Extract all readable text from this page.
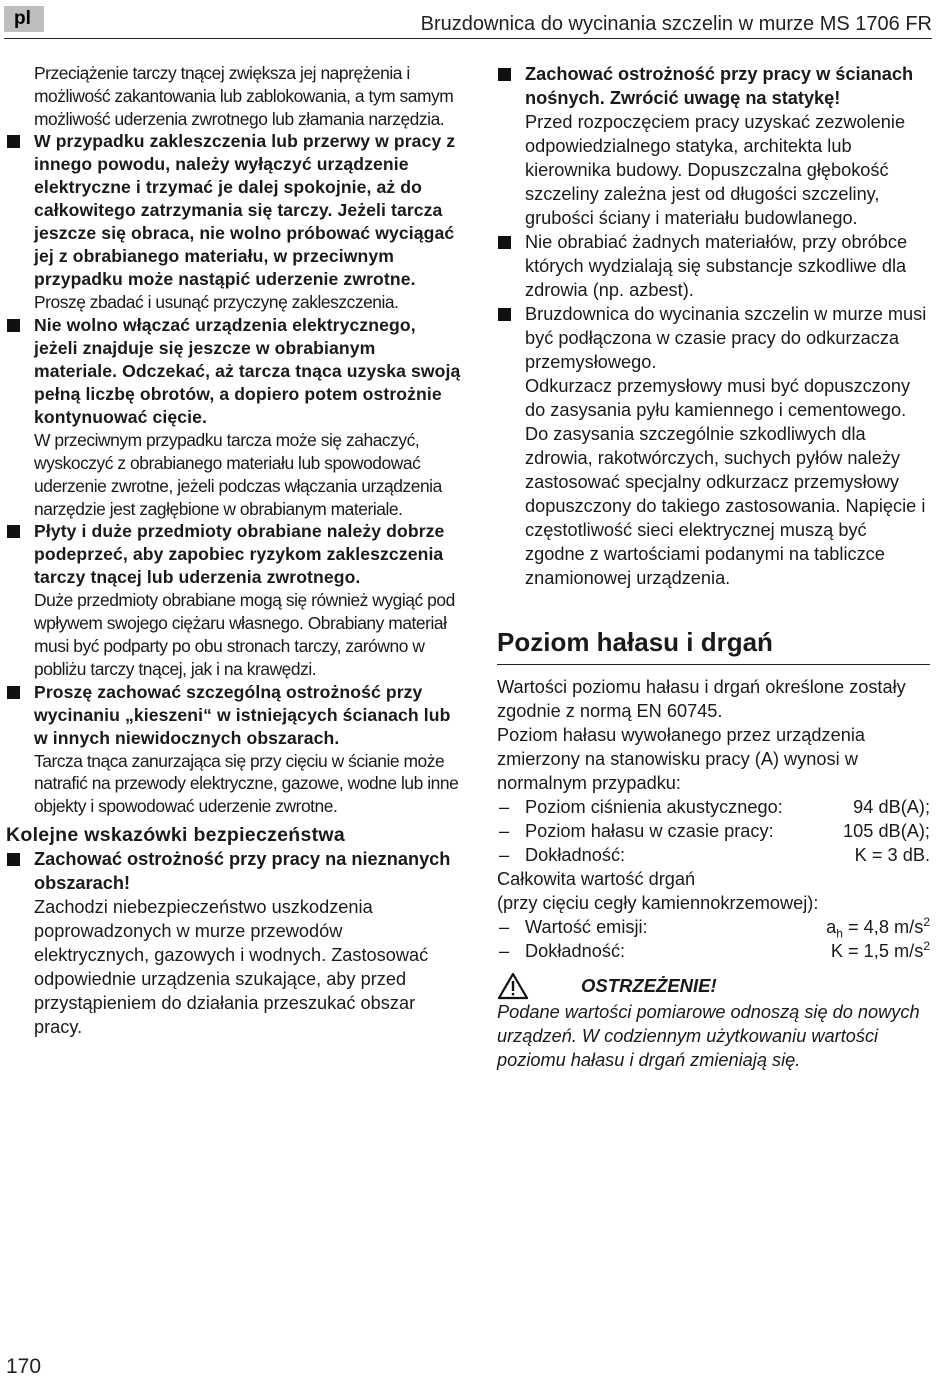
pl	Bruzdownica do wycinania szczelin w murze MS 1706 FR
Przeciążenie tarczy tnącej zwiększa jej naprężenia i możliwość zakantowania lub zablokowania, a tym samym możliwość uderzenia zwrotnego lub złamania narzędzia.
W przypadku zakleszczenia lub przerwy w pracy z innego powodu, należy wyłączyć urządzenie elektryczne i trzymać je dalej spokojnie, aż do całkowitego zatrzymania się tarczy. Jeżeli tarcza jeszcze się obraca, nie wolno próbować wyciągać jej z obrabianego materiału, w przeciwnym przypadku może nastąpić uderzenie zwrotne.
Proszę zbadać i usunąć przyczynę zakleszczenia.
Nie wolno włączać urządzenia elektrycznego, jeżeli znajduje się jeszcze w obrabianym materiale. Odczekać, aż tarcza tnąca uzyska swoją pełną liczbę obrotów, a dopiero potem ostrożnie kontynuować cięcie.
W przeciwnym przypadku tarcza może się zahaczyć, wyskoczyć z obrabianego materiału lub spowodować uderzenie zwrotne, jeżeli podczas włączania urządzenia narzędzie jest zagłębione w obrabianym materiale.
Płyty i duże przedmioty obrabiane należy dobrze podeprzeć, aby zapobiec ryzykom zakleszczenia tarczy tnącej lub uderzenia zwrotnego.
Duże przedmioty obrabiane mogą się również wygiąć pod wpływem swojego ciężaru własnego. Obrabiany materiał musi być podparty po obu stronach tarczy, zarówno w pobliżu tarczy tnącej, jak i na krawędzi.
Proszę zachować szczególną ostrożność przy wycinaniu „kieszeni“ w istniejących ścianach lub w innych niewidocznych obszarach.
Tarcza tnąca zanurzająca się przy cięciu w ścianie może natrafić na przewody elektryczne, gazowe, wodne lub inne objekty i spowodować uderzenie zwrotne.
Kolejne wskazówki bezpieczeństwa
Zachować ostrożność przy pracy na nieznanych obszarach!
Zachodzi niebezpieczeństwo uszkodzenia poprowadzonych w murze przewodów elektrycznych, gazowych i wodnych. Zastosować odpowiednie urządzenia szukające, aby przed przystąpieniem do działania przeszukać obszar pracy.
Zachować ostrożność przy pracy w ścianach nośnych. Zwrócić uwagę na statykę!
Przed rozpoczęciem pracy uzyskać zezwolenie odpowiedzialnego statyka, architekta lub kierownika budowy. Dopuszczalna głębokość szczeliny zależna jest od długości szczeliny, grubości ściany i materiału budowlanego.
Nie obrabiać żadnych materiałów, przy obróbce których wydzialają się substancje szkodliwe dla zdrowia (np. azbest).
Bruzdownica do wycinania szczelin w murze musi być podłączona w czasie pracy do odkurzacza przemysłowego.
Odkurzacz przemysłowy musi być dopuszczony do zasysania pyłu kamiennego i cementowego.
Do zasysania szczególnie szkodliwych dla zdrowia, rakotwórczych, suchych pyłów należy zastosować specjalny odkurzacz przemysłowy dopuszczony do takiego zastosowania. Napięcie i częstotliwość sieci elektrycznej muszą być zgodne z wartościami podanymi na tabliczce znamionowej urządzenia.
Poziom hałasu i drgań
Wartości poziomu hałasu i drgań określone zostały zgodnie z normą EN 60745.
Poziom hałasu wywołanego przez urządzenia zmierzony na stanowisku pracy (A) wynosi w normalnym przypadku:
– Poziom ciśnienia akustycznego:	94 dB(A);
– Poziom hałasu w czasie pracy:	105 dB(A);
– Dokładność:	K = 3 dB.
Całkowita wartość drgań
(przy cięciu cegły kamiennokrzemowej):
– Wartość emisji:	$a_h = 4,8$ $m/s^2$
– Dokładność:	K = 1,5 $m/s^2$
OSTRZEŻENIE!
Podane wartości pomiarowe odnoszą się do nowych urządzeń. W codziennym użytkowaniu wartości poziomu hałasu i drgań zmieniają się.
170
